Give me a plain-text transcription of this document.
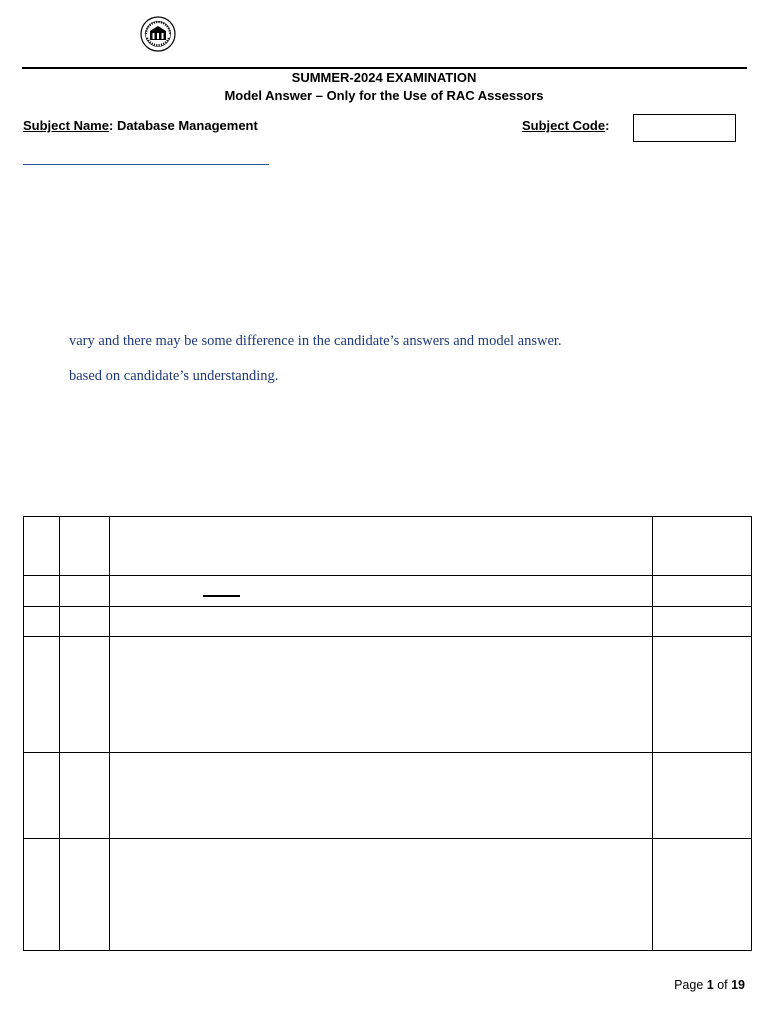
SUMMER-2024 EXAMINATION
Model Answer – Only for the Use of RAC Assessors
Subject Name: Database Management	Subject Code:
vary and there may be some difference in the candidate’s answers and model answer.
based on candidate’s understanding.
Page 1 of 19
